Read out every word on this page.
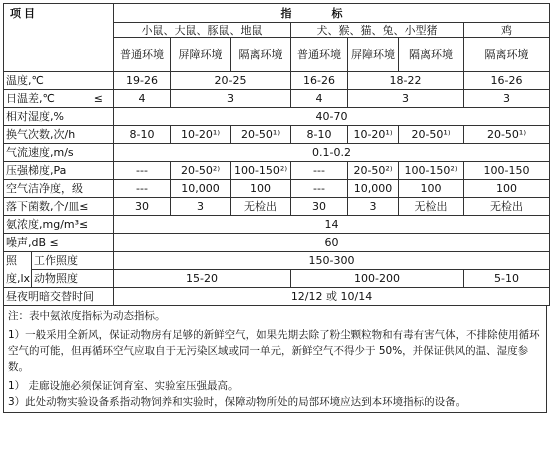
项目		指标						
		小鼠、大鼠、豚鼠、地鼠			犬、猴、猫、兔、小型猪			鸡
		普通环境	屏障环境	隔离环境	普通环境	屏障环境	隔离环境	隔离环境
温度,℃		19-26	20-25		16-26	18-22		16-26
日温差,℃ ≤		4	3		4	3		3
相对湿度,%		40-70						
换气次数,次/h		8-10	10-20¹⁾	20-50¹⁾	8-10	10-20¹⁾	20-50¹⁾	20-50¹⁾
气流速度,m/s		0.1-0.2						
压强梯度,Pa		---	20-50²⁾	100-150²⁾	---	20-50²⁾	100-150²⁾	100-150
空气洁净度，级		---	10,000	100	---	10,000	100	100
落下菌数,个/皿≤		30	3	无检出	30	3	无检出	无检出
氨浓度,mg/m³≤		14						
噪声,dB ≤		60						
照	工作照度	150-300						
度,lx	动物照度	15-20			100-200			5-10
昼夜明暗交替时间		12/12 或 10/14						

注：表中氨浓度指标为动态指标。

1）一般采用全新风，保证动物房有足够的新鲜空气，如果先期去除了粉尘颗粒物和有毒有害气体，不排除使用循环空气的可能，但再循环空气应取自于无污染区域或同一单元，新鲜空气不得少于 50%，并保证供风的温、湿度参数。

1） 走廊设施必须保证饲育室、实验室压强最高。

3）此处动物实验设备系指动物饲养和实验时，保障动物所处的局部环境应达到本环境指标的设备。
